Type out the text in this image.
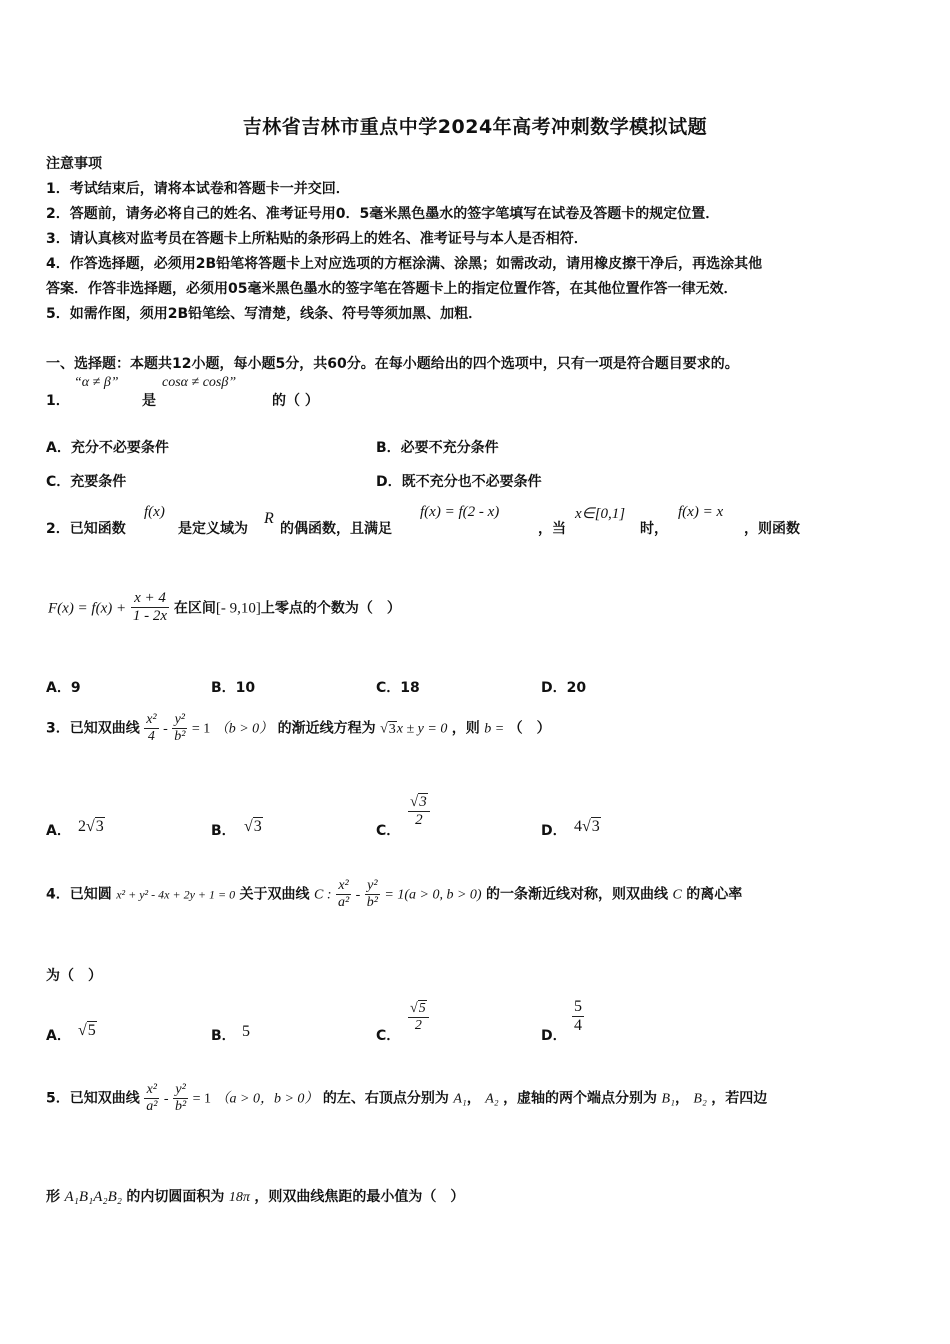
吉林省吉林市重点中学2024年高考冲刺数学模拟试题
注意事项
1．考试结束后，请将本试卷和答题卡一并交回．
2．答题前，请务必将自己的姓名、准考证号用0．5毫米黑色墨水的签字笔填写在试卷及答题卡的规定位置．
3．请认真核对监考员在答题卡上所粘贴的条形码上的姓名、准考证号与本人是否相符．
4．作答选择题，必须用2B铅笔将答题卡上对应选项的方框涂满、涂黑；如需改动，请用橡皮擦干净后，再选涂其他
答案．作答非选择题，必须用05毫米黑色墨水的签字笔在答题卡上的指定位置作答，在其他位置作答一律无效．
5．如需作图，须用2B铅笔绘、写清楚，线条、符号等须加黑、加粗．
一、选择题：本题共12小题，每小题5分，共60分。在每小题给出的四个选项中，只有一项是符合题目要求的。
1．
“α ≠ β”
是
cosα ≠ cosβ”
的（ ）
A．充分不必要条件	B．必要不充分条件
C．充要条件	D．既不充分也不必要条件
2．已知函数
f(x)
是定义域为
R
的偶函数，且满足
f(x) = f(2 - x)
，当
x∈[0,1]
时，
f(x) = x
，则函数
$F(x) = f(x) + \frac{x + 4}{1 - 2x}$ 在区间[- 9,10]上零点的个数为（　）
A．9	B．10	C．18	D．20
3．已知双曲线 $\frac{\text{x²}}{4} - \frac{\text{y²}}{\text{b²}} = 1$ （b > 0） 的渐近线方程为 √3x ± y = 0 ，则 b = （　）
A． 2√3	B． √3	C．
$\frac{√3}{2}$
D． 4√3
4．已知圆 x² + y² - 4x + 2y + 1 = 0 关于双曲线 C : $\frac{\text{x²}}{\text{a²}} - \frac{\text{y²}}{\text{b²}} = 1(a > 0$, b > 0) 的一条渐近线对称，则双曲线 C 的离心率
为（　）
A． √5	B． 5	C．
$\frac{√5}{2}$
D．
$\frac{5}{4}$
5．已知双曲线 $\frac{\text{x²}}{\text{a²}} - \frac{\text{y²}}{\text{b²}} = 1$ （a > 0，b > 0） 的左、右顶点分别为 A₁， A₂ ，虚轴的两个端点分别为 B₁， B₂ ，若四边
形 A₁B₁A₂B₂ 的内切圆面积为 18π ，则双曲线焦距的最小值为（　）
